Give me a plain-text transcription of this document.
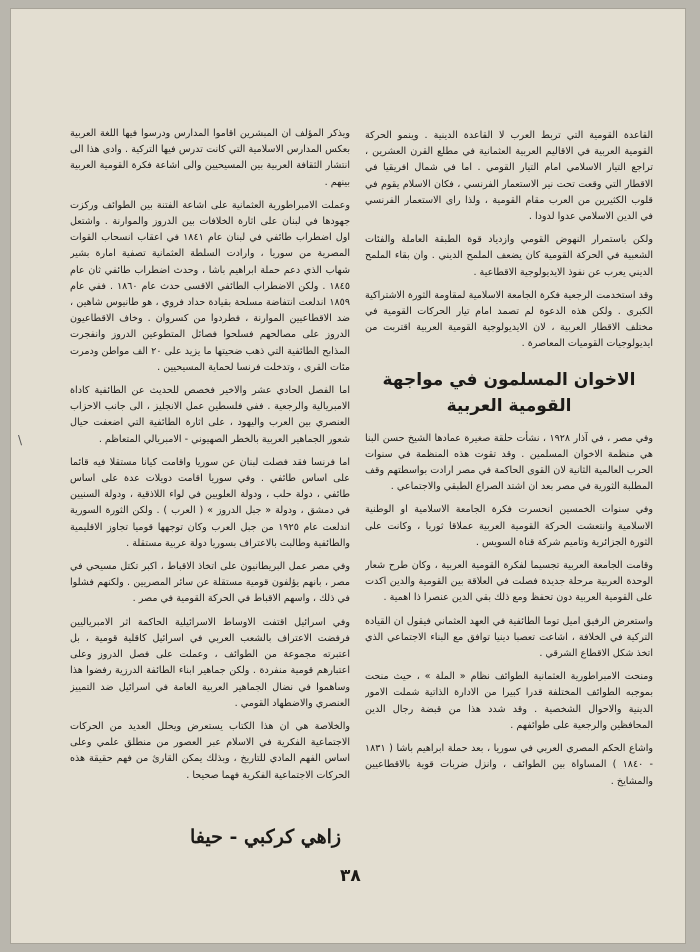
القاعدة القومية التي تربط العرب لا القاعدة الدينية . وينمو الحركة القومية العربية في الاقاليم العربية العثمانية في مطلع القرن العشرين ، تراجع التيار الاسلامي امام التيار القومي . اما في شمال افريقيا في الاقطار التي وقعت تحت نير الاستعمار الفرنسي ، فكان الاسلام يقوم في قلوب الكثيرين من العرب مقام القومية ، ولذا راى الاستعمار الفرنسي في الدين الاسلامي عدوا لدودا .

ولكن باستمرار النهوض القومي وازدياد قوة الطبقة العاملة والفئات الشعبية في الحركة القومية كان يضعف الملمح الديني . وان بقاء الملمح الديني يعرب عن نفوذ الايديولوجية الاقطاعية .

وقد استخدمت الرجعية فكرة الجامعة الاسلامية لمقاومة الثورة الاشتراكية الكبرى . ولكن هذه الدعوة لم تصمد امام تيار الحركات القومية في مختلف الاقطار العربية ، لان الايديولوجية القومية العربية اقتربت من ايديولوجيات القوميات المعاصرة .

الاخوان المسلمون في مواجهة
القومية العربية

وفي مصر ، في آذار ١٩٢٨ ، نشأت حلقة صغيرة عمادها الشيخ حسن البنا هي منظمة الاخوان المسلمين . وقد تقوت هذه المنظمة في سنوات الحرب العالمية الثانية لان القوى الحاكمة في مصر ارادت بواسطتهم وقف المطلبة الثورية في مصر بعد ان اشتد الصراع الطبقي والاجتماعي .

وفي سنوات الخمسين انحسرت فكرة الجامعة الاسلامية او الوطنية الاسلامية وانتعشت الحركة القومية العربية عملاقا ثوريا ، وكانت على الثورة الجزائرية وتاميم شركة قناة السويس .

وقامت الجامعة العربية تجسيما لفكرة القومية العربية ، وكان طرح شعار الوحدة العربية مرحلة جديدة فصلت في العلاقة بين القومية والدين اكدت على القومية العربية دون تحفظ ومع ذلك بقي الدين عنصرا ذا اهمية .

واستعرض الرفيق اميل توما الطائفية في العهد العثماني فيقول ان القيادة التركية في الخلافة ، اشاعت تعصبا دينيا توافق مع البناء الاجتماعي الذي اتخذ شكل الاقطاع الشرقي .

ومنحت الامبراطورية العثمانية الطوائف نظام « الملة » ، حيث منحت بموجبه الطوائف المختلفة قدرا كبيرا من الادارة الذاتية شملت الامور الدينية والاحوال الشخصية . وقد شدد هذا من قبضة رجال الدين المحافظين والرجعية على طوائفهم .

واشاع الحكم المصري العربي في سوريا ، بعد حملة ابراهيم باشا ( ١٨٣١ - ١٨٤٠ ) المساواة بين الطوائف ، وانزل ضربات قوية بالاقطاعيين والمشايخ .

ويذكر المؤلف ان المبشرين اقاموا المدارس ودرسوا فيها اللغة العربية بعكس المدارس الاسلامية التي كانت تدرس فيها التركية . وادى هذا الى انتشار الثقافة العربية بين المسيحيين والى اشاعة فكرة القومية العربية بينهم .

وعملت الامبراطورية العثمانية على اشاعة الفتنة بين الطوائف وركزت جهودها في لبنان على اثارة الخلافات بين الدروز والموارنة . واشتعل اول اضطراب طائفي في لبنان عام ١٨٤١ في اعقاب انسحاب القوات المصرية من سوريا ، وارادت السلطة العثمانية تصفية امارة بشير شهاب الذي دعم حملة ابراهيم باشا ، وحدث اضطراب طائفي ثان عام ١٨٤٥ . ولكن الاضطراب الطائفي الاقسى حدث عام ١٨٦٠ . ففي عام ١٨٥٩ اندلعت انتفاضة مسلحة بقيادة حداد فروي ، هو طانيوس شاهين ، ضد الاقطاعيين الموارنة ، فطردوا من كسروان . وخاف الاقطاعيون الدروز على مصالحهم فسلحوا فصائل المتطوعين الدروز وانفجرت المذابح الطائفية التي ذهب ضحيتها ما يزيد على ٢٠ الف مواطن ودمرت مئات القرى ، وتدخلت فرنسا لحماية المسيحيين .

اما الفصل الحادي عشر والاخير فخصص للحديث عن الطائفية كاداة الامبريالية والرجعية . ففي فلسطين عمل الانجليز ، الى جانب الاحزاب العنصري بين العرب واليهود ، على اثارة الطائفية التي اضعفت حيال شعور الجماهير العربية بالخطر الصهيوني - الامبريالي المتعاظم .

اما فرنسا فقد فصلت لبنان عن سوريا واقامت كيانا مستقلا فيه قائما على اساس طائفي . وفي سوريا اقامت دويلات عدة على اساس طائفي ، دولة حلب ، ودولة العلويين في لواء اللاذقية ، ودولة السنيين في دمشق ، ودولة « جبل الدروز » ( العرب ) . ولكن الثورة السورية اندلعت عام ١٩٢٥ من جبل العرب وكان توجهها قوميا تجاوز الاقليمية والطائفية وطالبت بالاعتراف بسوريا دولة عربية مستقلة .

وفي مصر عمل البريطانيون على اتخاذ الاقباط ، اكبر تكتل مسيحي في مصر ، بانهم يؤلفون قومية مستقلة عن سائر المصريين . ولكنهم فشلوا في ذلك ، واسهم الاقباط في الحركة القومية في مصر .

وفي اسرائيل اقتفت الاوساط الاسرائيلية الحاكمة اثر الامبرياليين فرفضت الاعتراف بالشعب العربي في اسرائيل كاقلية قومية ، بل اعتبرته مجموعة من الطوائف ، وعملت على فصل الدروز وعلى اعتبارهم قومية منفردة . ولكن جماهير ابناء الطائفة الدرزية رفضوا هذا وساهموا في نضال الجماهير العربية العامة في اسرائيل ضد التمييز العنصري والاضطهاد القومي .

والخلاصة هي ان هذا الكتاب يستعرض ويحلل العديد من الحركات الاجتماعية الفكرية في الاسلام عبر العصور من منطلق علمي وعلى اساس الفهم المادي للتاريخ ، وبذلك يمكن القارئ من فهم حقيقة هذه الحركات الاجتماعية الفكرية فهما صحيحا .

زاهي كركبي - حيفا
٣٨
\
